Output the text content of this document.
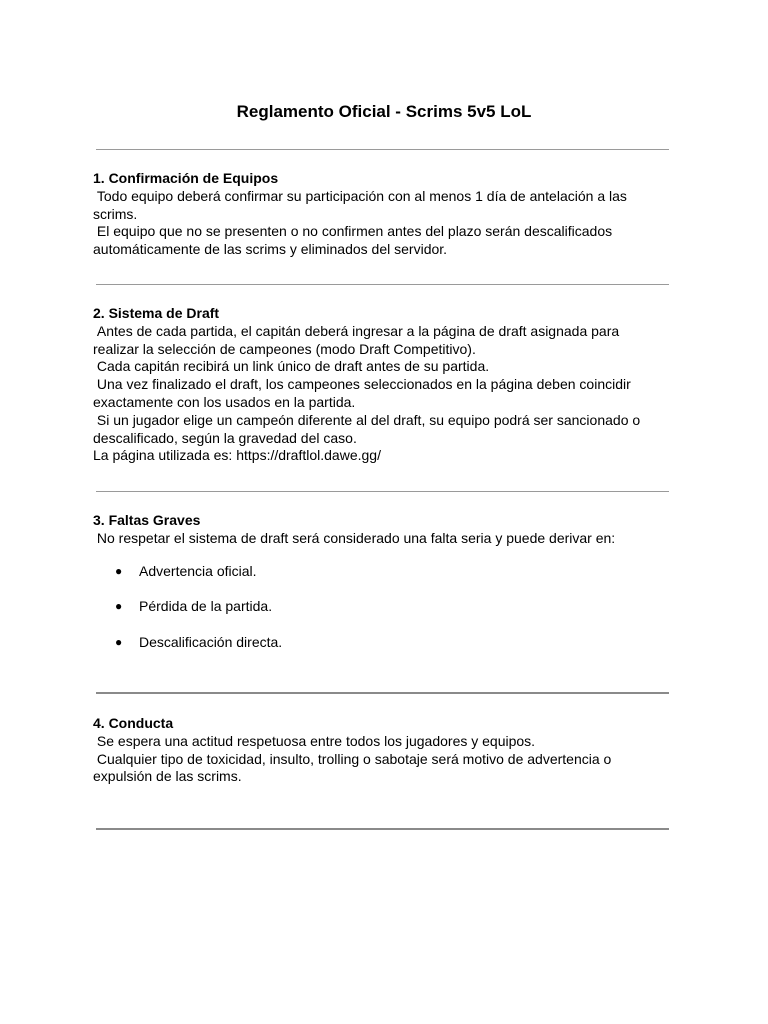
Reglamento Oficial - Scrims 5v5 LoL
1. Confirmación de Equipos
Todo equipo deberá confirmar su participación con al menos 1 día de antelación a las scrims.
El equipo que no se presenten o no confirmen antes del plazo serán descalificados automáticamente de las scrims y eliminados del servidor.
2. Sistema de Draft
Antes de cada partida, el capitán deberá ingresar a la página de draft asignada para realizar la selección de campeones (modo Draft Competitivo).
Cada capitán recibirá un link único de draft antes de su partida.
Una vez finalizado el draft, los campeones seleccionados en la página deben coincidir exactamente con los usados en la partida.
Si un jugador elige un campeón diferente al del draft, su equipo podrá ser sancionado o descalificado, según la gravedad del caso.
La página utilizada es: https://draftlol.dawe.gg/
3. Faltas Graves
No respetar el sistema de draft será considerado una falta seria y puede derivar en:
● Advertencia oficial.
● Pérdida de la partida.
● Descalificación directa.
4. Conducta
Se espera una actitud respetuosa entre todos los jugadores y equipos.
Cualquier tipo de toxicidad, insulto, trolling o sabotaje será motivo de advertencia o expulsión de las scrims.
